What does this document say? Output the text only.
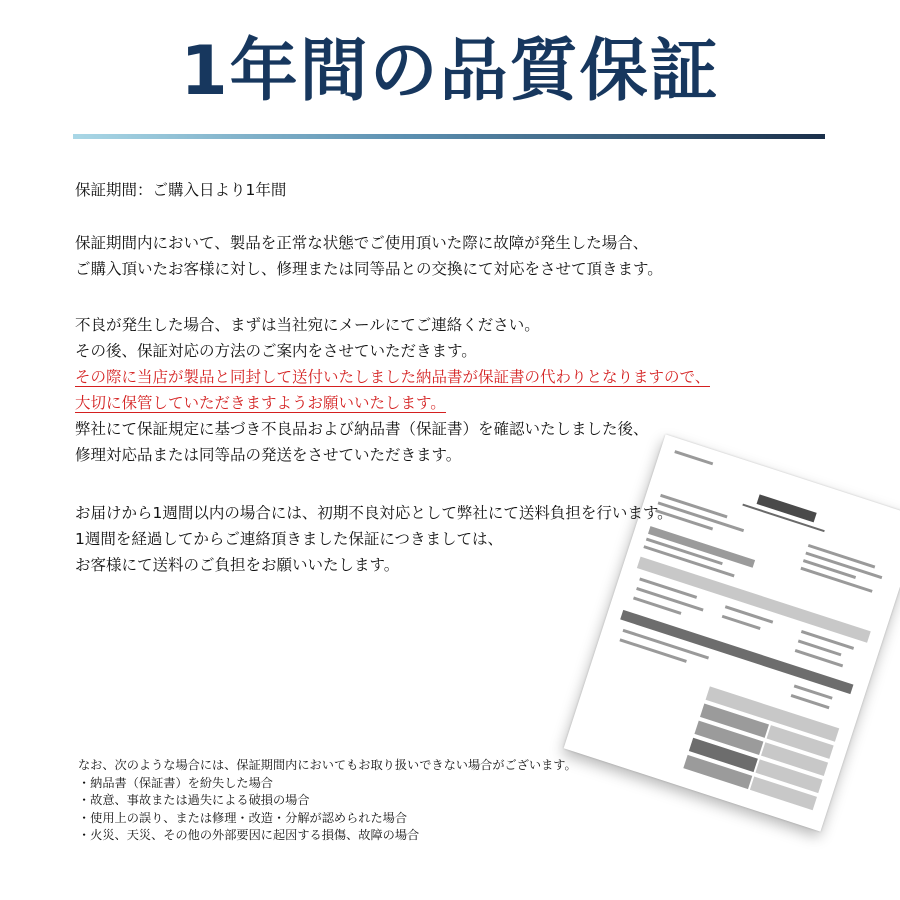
1年間の品質保証

保証期間：ご購入日より1年間

保証期間内において、製品を正常な状態でご使用頂いた際に故障が発生した場合、

ご購入頂いたお客様に対し、修理または同等品との交換にて対応をさせて頂きます。

不良が発生した場合、まずは当社宛にメールにてご連絡ください。

その後、保証対応の方法のご案内をさせていただきます。

その際に当店が製品と同封して送付いたしました納品書が保証書の代わりとなりますので、

大切に保管していただきますようお願いいたします。

弊社にて保証規定に基づき不良品および納品書（保証書）を確認いたしました後、

修理対応品または同等品の発送をさせていただきます。

お届けから1週間以内の場合には、初期不良対応として弊社にて送料負担を行います。

1週間を経過してからご連絡頂きました保証につきましては、

お客様にて送料のご負担をお願いいたします。

なお、次のような場合には、保証期間内においてもお取り扱いできない場合がございます。

・納品書（保証書）を紛失した場合

・故意、事故または過失による破損の場合

・使用上の誤り、または修理・改造・分解が認められた場合

・火災、天災、その他の外部要因に起因する損傷、故障の場合
